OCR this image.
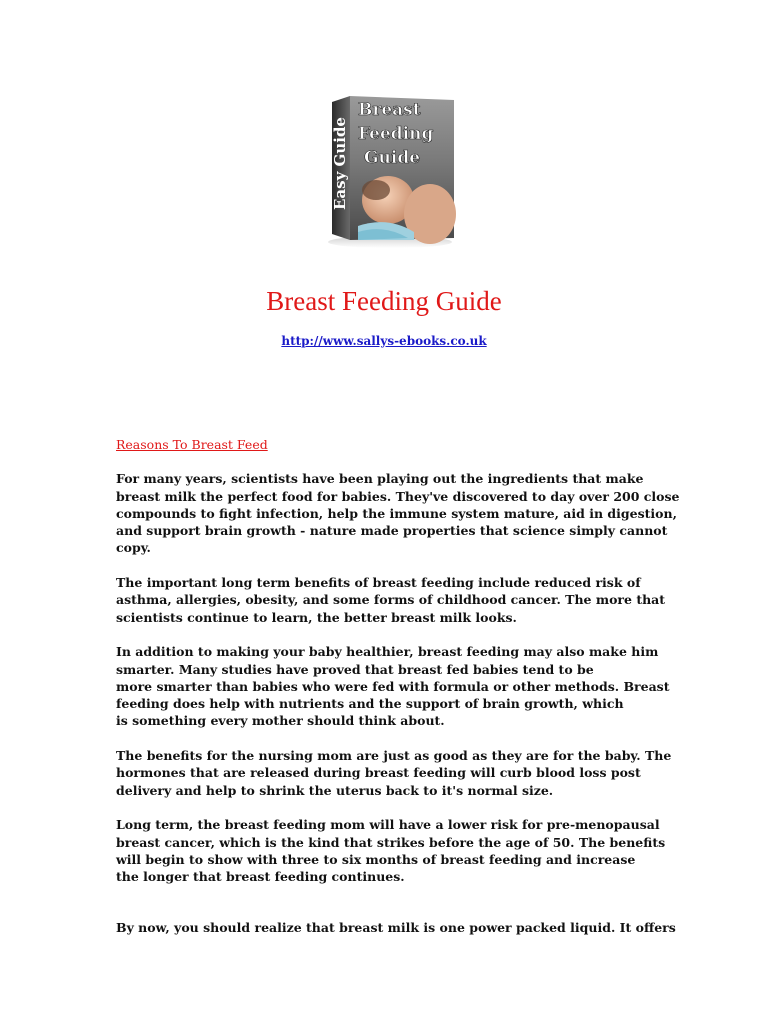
Easy Guide
Breast
Feeding
Guide
Breast Feeding Guide
http://www.sallys-ebooks.co.uk
Reasons To Breast Feed
For many years, scientists have been playing out the ingredients that make
breast milk the perfect food for babies. They've discovered to day over 200 close
compounds to fight infection, help the immune system mature, aid in digestion,
and support brain growth - nature made properties that science simply cannot
copy.
The important long term benefits of breast feeding include reduced risk of
asthma, allergies, obesity, and some forms of childhood cancer. The more that
scientists continue to learn, the better breast milk looks.
In addition to making your baby healthier, breast feeding may also make him
smarter. Many studies have proved that breast fed babies tend to be
more smarter than babies who were fed with formula or other methods. Breast
feeding does help with nutrients and the support of brain growth, which
is something every mother should think about.
The benefits for the nursing mom are just as good as they are for the baby. The
hormones that are released during breast feeding will curb blood loss post
delivery and help to shrink the uterus back to it's normal size.
Long term, the breast feeding mom will have a lower risk for pre-menopausal
breast cancer, which is the kind that strikes before the age of 50. The benefits
will begin to show with three to six months of breast feeding and increase
the longer that breast feeding continues.
By now, you should realize that breast milk is one power packed liquid. It offers
